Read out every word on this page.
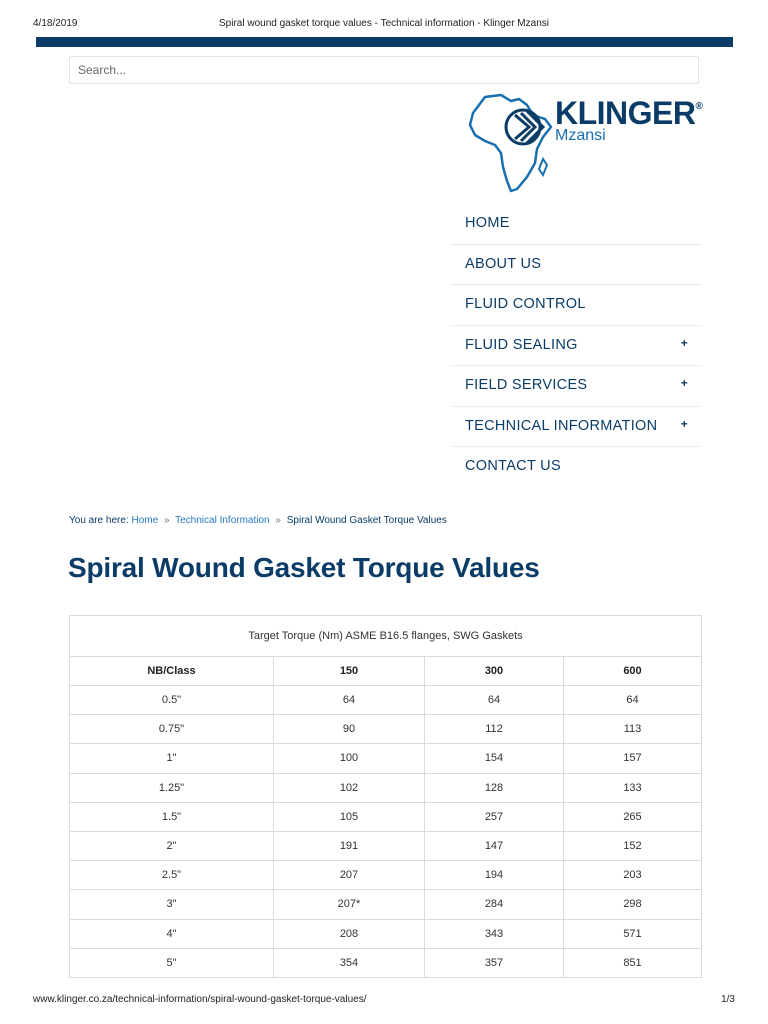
4/18/2019	Spiral wound gasket torque values - Technical information - Klinger Mzansi
Search...
KLINGER®
Mzansi
HOME
ABOUT US
FLUID CONTROL
FLUID SEALING	+
FIELD SERVICES	+
TECHNICAL INFORMATION +
CONTACT US
You are here: Home » Technical Information » Spiral Wound Gasket Torque Values
Spiral Wound Gasket Torque Values
Target Torque (Nm) ASME B16.5 flanges, SWG Gaskets			
NB/Class	150	300	600
0.5"	64	64	64
0.75"	90	112	113
1"	100	154	157
1.25"	102	128	133
1.5"	105	257	265
2"	191	147	152
2.5"	207	194	203
3"	207*	284	298
4"	208	343	571
5"	354	357	851
www.klinger.co.za/technical-information/spiral-wound-gasket-torque-values/	1/3
